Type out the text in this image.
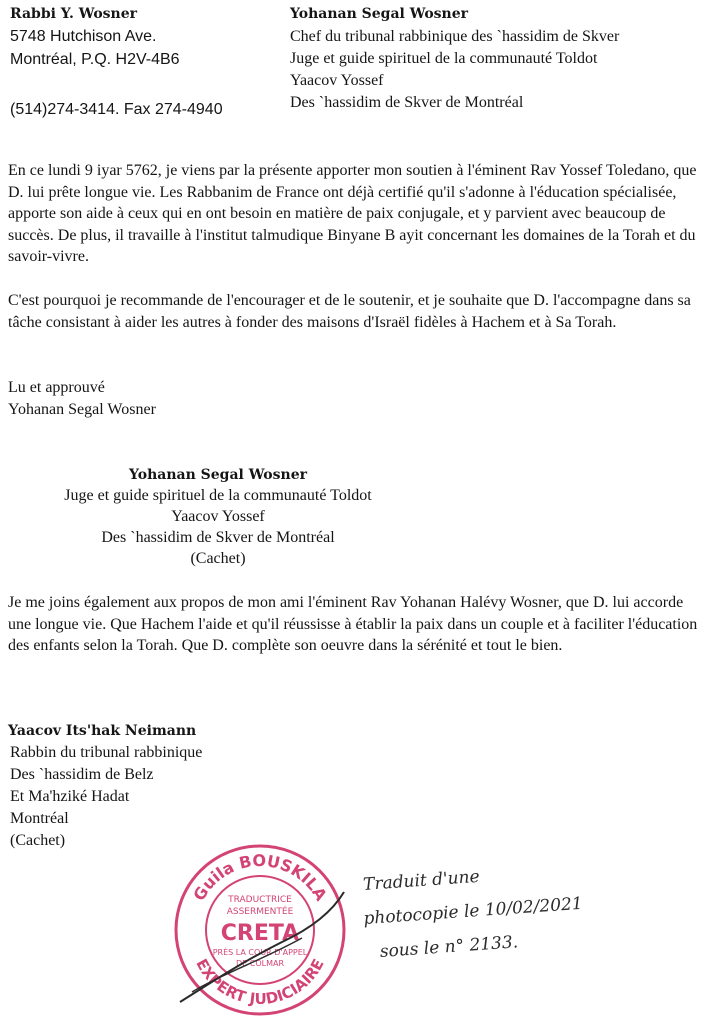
Rabbi Y. Wosner
5748 Hutchison Ave.
Montréal, P.Q. H2V-4B6
(514)274-3414. Fax 274-4940
Yohanan Segal Wosner
Chef du tribunal rabbinique des `hassidim de Skver
Juge et guide spirituel de la communauté Toldot
Yaacov Yossef
Des `hassidim de Skver de Montréal
En ce lundi 9 iyar 5762, je viens par la présente apporter mon soutien à l'éminent Rav Yossef Toledano, que D. lui prête longue vie. Les Rabbanim de France ont déjà certifié qu'il s'adonne à l'éducation spécialisée, apporte son aide à ceux qui en ont besoin en matière de paix conjugale, et y parvient avec beaucoup de succès. De plus, il travaille à l'institut talmudique Binyane B ayit concernant les domaines de la Torah et du savoir-vivre.
C'est pourquoi je recommande de l'encourager et de le soutenir, et je souhaite que D. l'accompagne dans sa tâche consistant à aider les autres à fonder des maisons d'Israël fidèles à Hachem et à Sa Torah.
Lu et approuvé
Yohanan Segal Wosner
Yohanan Segal Wosner
Juge et guide spirituel de la communauté Toldot
Yaacov Yossef
Des `hassidim de Skver de Montréal
(Cachet)
Je me joins également aux propos de mon ami l'éminent Rav Yohanan Halévy Wosner, que D. lui accorde une longue vie. Que Hachem l'aide et qu'il réussisse à établir la paix dans un couple et à faciliter l'éducation des enfants selon la Torah. Que D. complète son oeuvre dans la sérénité et tout le bien.
Yaacov Its'hak Neimann
Rabbin du tribunal rabbinique
Des `hassidim de Belz
Et Ma'hziké Hadat
Montréal
(Cachet)
Guila BOUSKILA
EXPERT JUDICIAIRE
TRADUCTRICE
ASSERMENTÉE
CRETA
PRÈS LA COUR D'APPEL
DE COLMAR
Traduit d'une
photocopie le 10/02/2021
sous le n° 2133.
